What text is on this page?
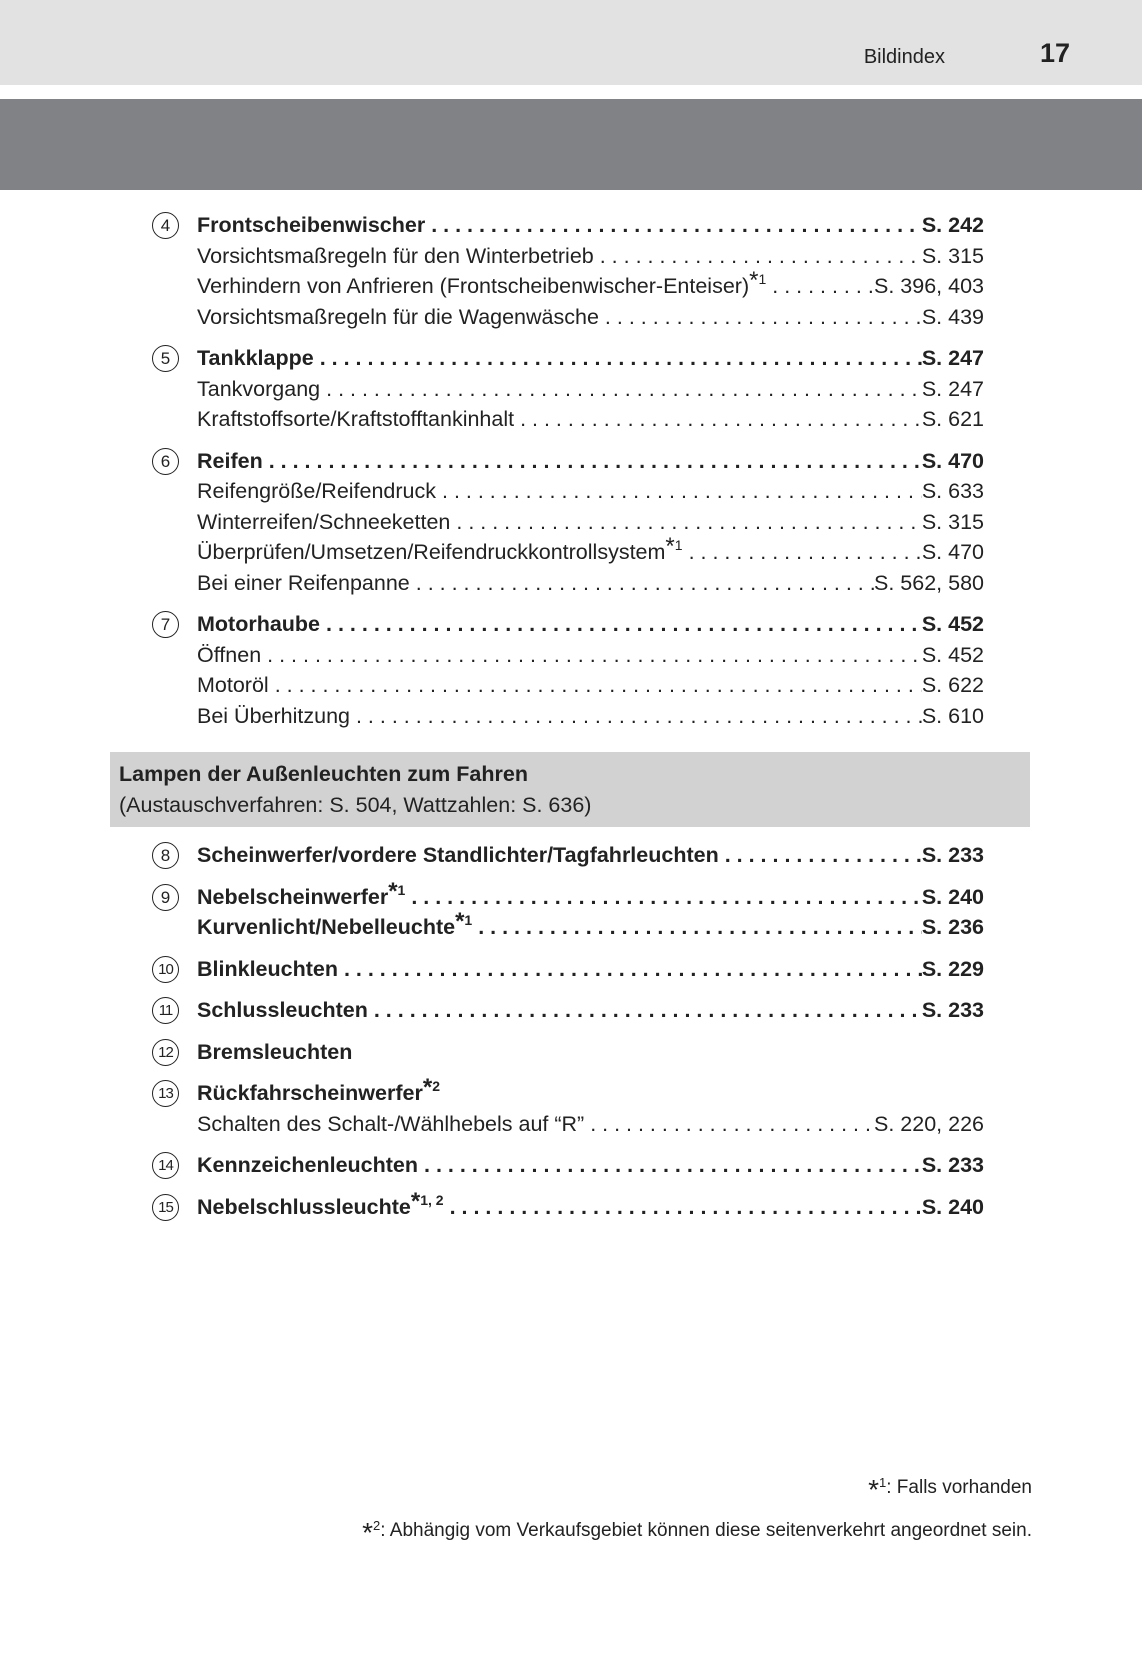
Bildindex	17
4	Frontscheibenwischer . . .	S. 242
Vorsichtsmaßregeln für den Winterbetrieb . . .	S. 315
Verhindern von Anfrieren (Frontscheibenwischer-Enteiser)$^{*1}$ . . .	S. 396, 403
Vorsichtsmaßregeln für die Wagenwäsche . . .	S. 439
5	Tankklappe . . .	S. 247
Tankvorgang . . .	S. 247
Kraftstoffsorte/Kraftstofftankinhalt . . .	S. 621
6	Reifen . . .	S. 470
Reifengröße/Reifendruck . . .	S. 633
Winterreifen/Schneeketten . . .	S. 315
Überprüfen/Umsetzen/Reifendruckkontrollsystem$^{*1}$ . . .	S. 470
Bei einer Reifenpanne . . .	S. 562, 580
7	Motorhaube . . .	S. 452
Öffnen . . .	S. 452
Motoröl . . .	S. 622
Bei Überhitzung . . .	S. 610
Lampen der Außenleuchten zum Fahren
(Austauschverfahren: S. 504, Wattzahlen: S. 636)
8	Scheinwerfer/vordere Standlichter/Tagfahrleuchten . . .	S. 233
9	Nebelscheinwerfer$^{*1}$ . . .	S. 240
Kurvenlicht/Nebelleuchte$^{*1}$ . . .	S. 236
10 Blinkleuchten . . .	S. 229
11	Schlussleuchten . . .	S. 233
12 Bremsleuchten
13 Rückfahrscheinwerfer$^{*2}$
Schalten des Schalt-/Wählhebels auf “R” . . .	S. 220, 226
14 Kennzeichenleuchten . . .	S. 233
15 Nebelschlussleuchte$^{*1, 2}$ . . .	S. 240
*$^1$: Falls vorhanden
*$^2$: Abhängig vom Verkaufsgebiet können diese seitenverkehrt angeordnet sein.
